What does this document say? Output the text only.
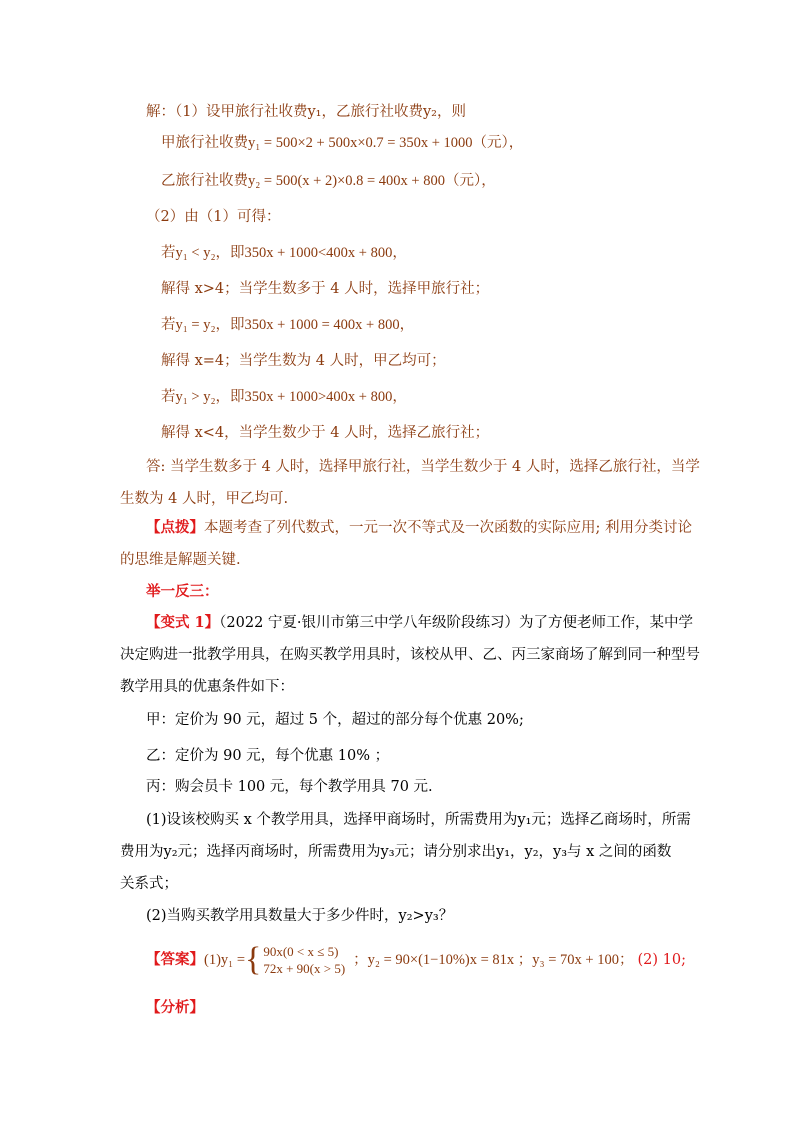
解：（1）设甲旅行社收费y₁，乙旅行社收费y₂，则
甲旅行社收费y₁ = 500×2 + 500x×0.7 = 350x + 1000（元），
乙旅行社收费y₂ = 500(x + 2)×0.8 = 400x + 800（元），
（2）由（1）可得：
若y₁ < y₂，即350x + 1000<400x + 800，
解得 x>4；当学生数多于 4 人时，选择甲旅行社；
若y₁ = y₂，即350x + 1000 = 400x + 800，
解得 x=4；当学生数为 4 人时，甲乙均可；
若y₁ > y₂，即350x + 1000>400x + 800，
解得 x<4，当学生数少于 4 人时，选择乙旅行社；
答: 当学生数多于 4 人时，选择甲旅行社，当学生数少于 4 人时，选择乙旅行社，当学
生数为 4 人时，甲乙均可.
【点拨】本题考查了列代数式，一元一次不等式及一次函数的实际应用; 利用分类讨论
的思维是解题关键.
举一反三：
【变式 1】（2022 宁夏·银川市第三中学八年级阶段练习）为了方便老师工作，某中学
决定购进一批教学用具，在购买教学用具时，该校从甲、乙、丙三家商场了解到同一种型号
教学用具的优惠条件如下：
甲：定价为 90 元，超过 5 个，超过的部分每个优惠 20%;
乙：定价为 90 元，每个优惠 10% ；
丙：购会员卡 100 元，每个教学用具 70 元.
(1)设该校购买 x 个教学用具，选择甲商场时，所需费用为y₁元；选择乙商场时，所需
费用为y₂元；选择丙商场时，所需费用为y₃元；请分别求出y₁，y₂，y₃与 x 之间的函数
关系式；
(2)当购买教学用具数量大于多少件时，y₂>y₃？
【答案】 (1)y₁ = { 90x(0 < x ≤ 5)
72x + 90(x > 5)
；y₂ = 90×(1−10%)x = 81x ；y₃ = 70x + 100； (2) 10;
【分析】
